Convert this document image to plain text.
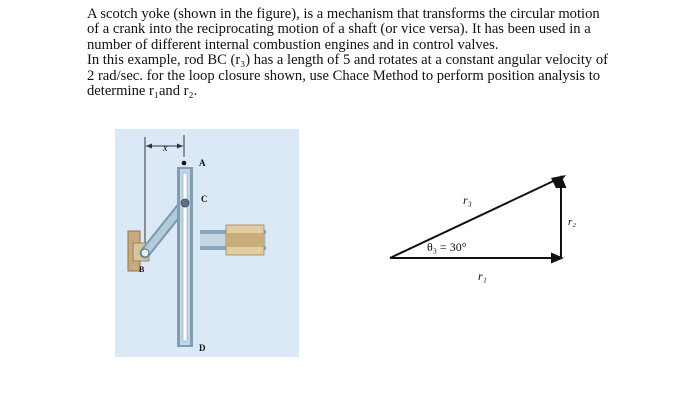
A scotch yoke (shown in the figure), is a mechanism that transforms the circular motion

of a crank into the reciprocating motion of a shaft (or vice versa). It has been used in a

number of different internal combustion engines and in control valves.

In this example, rod BC (r₃) has a length of 5 and rotates at a constant angular velocity of

2 rad/sec. for the loop closure shown, use Chace Method to perform position analysis to

determine r₁and r₂.

x
A
B
C
D
r₃
r₂
θ₃ = 30°
r₁
